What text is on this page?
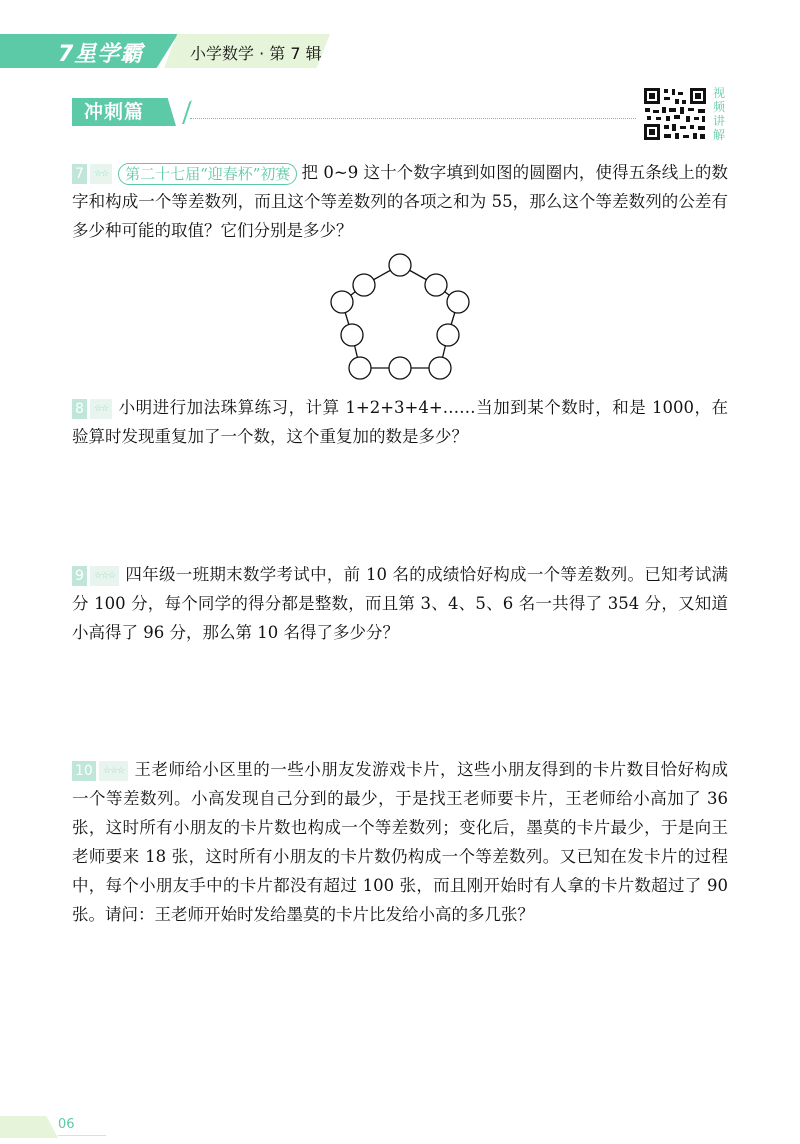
7星学霸	小学数学 · 第 7 辑
冲刺篇
视
频
讲
解
7 ☆☆ 第二十七届“迎春杯”初赛 把 0~9 这十个数字填到如图的圆圈内，使得五条线上的数字和构成一个等差数列，而且这个等差数列的各项之和为 55，那么这个等差数列的公差有多少种可能的取值？它们分别是多少？
8 ☆☆ 小明进行加法珠算练习，计算 1+2+3+4+……当加到某个数时，和是 1000，在验算时发现重复加了一个数，这个重复加的数是多少？
9 ☆☆☆ 四年级一班期末数学考试中，前 10 名的成绩恰好构成一个等差数列。已知考试满分 100 分，每个同学的得分都是整数，而且第 3、4、5、6 名一共得了 354 分，又知道小高得了 96 分，那么第 10 名得了多少分？
10 ☆☆☆ 王老师给小区里的一些小朋友发游戏卡片，这些小朋友得到的卡片数目恰好构成一个等差数列。小高发现自己分到的最少，于是找王老师要卡片，王老师给小高加了 36 张，这时所有小朋友的卡片数也构成一个等差数列；变化后，墨莫的卡片最少，于是向王老师要来 18 张，这时所有小朋友的卡片数仍构成一个等差数列。又已知在发卡片的过程中，每个小朋友手中的卡片都没有超过 100 张，而且刚开始时有人拿的卡片数超过了 90 张。请问：王老师开始时发给墨莫的卡片比发给小高的多几张？
06
